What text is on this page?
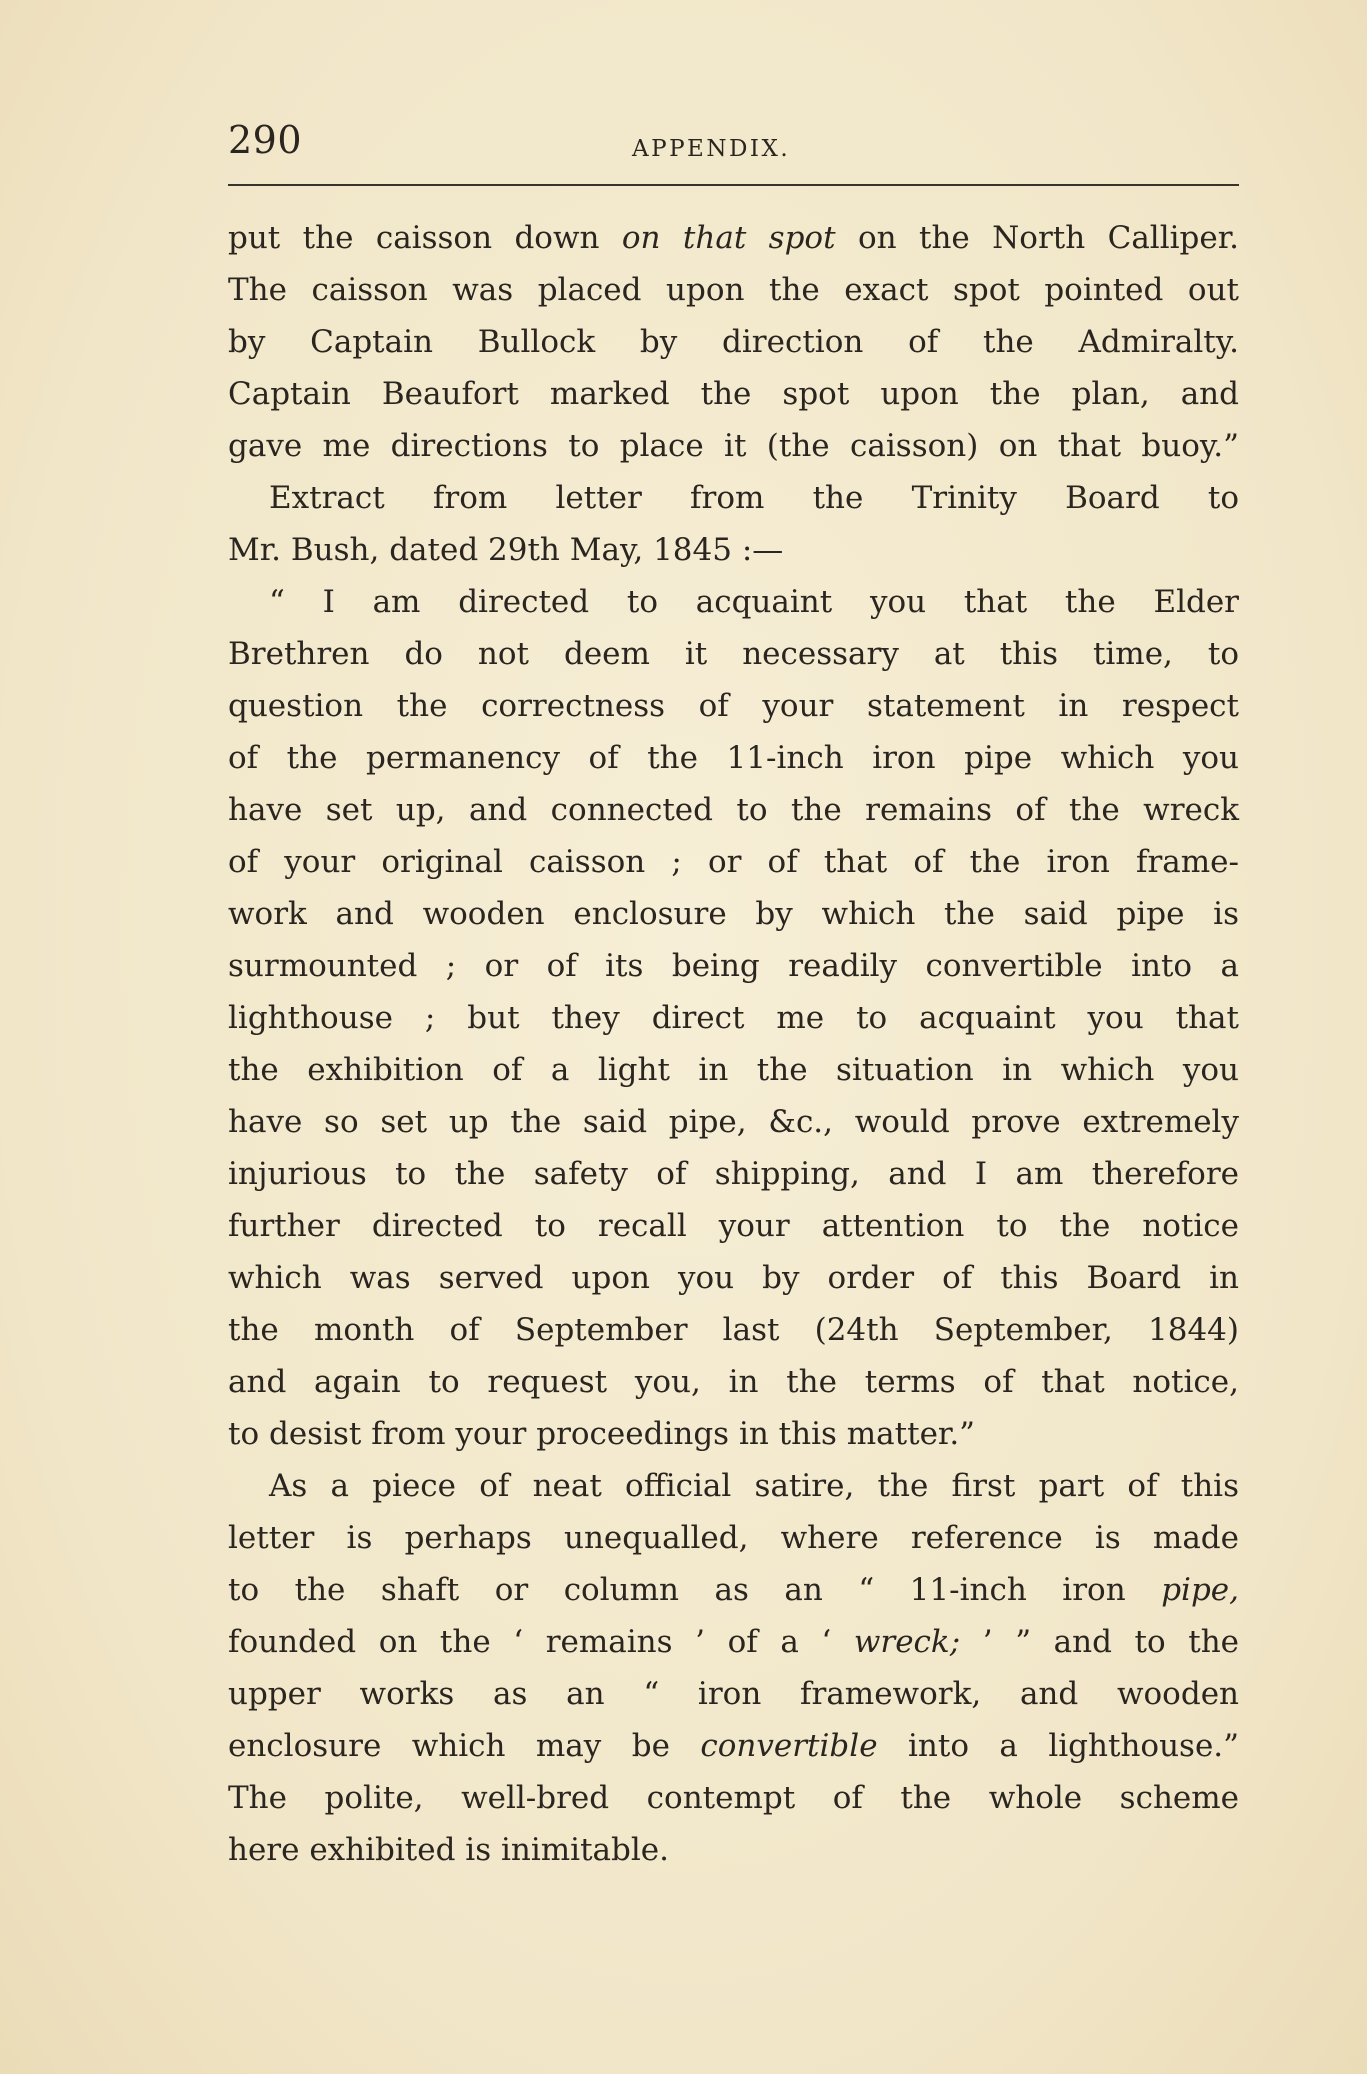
290	APPENDIX.
put the caisson down on that spot on the North Calliper.
The caisson was placed upon the exact spot pointed out
by Captain Bullock by direction of the Admiralty.
Captain Beaufort marked the spot upon the plan, and
gave me directions to place it (the caisson) on that buoy.”
Extract from letter from the Trinity Board to
Mr. Bush, dated 29th May, 1845 :—
“ I am directed to acquaint you that the Elder
Brethren do not deem it necessary at this time, to
question the correctness of your statement in respect
of the permanency of the 11-inch iron pipe which you
have set up, and connected to the remains of the wreck
of your original caisson ; or of that of the iron frame-
work and wooden enclosure by which the said pipe is
surmounted ; or of its being readily convertible into a
lighthouse ; but they direct me to acquaint you that
the exhibition of a light in the situation in which you
have so set up the said pipe, &c., would prove extremely
injurious to the safety of shipping, and I am therefore
further directed to recall your attention to the notice
which was served upon you by order of this Board in
the month of September last (24th September, 1844)
and again to request you, in the terms of that notice,
to desist from your proceedings in this matter.”
As a piece of neat official satire, the first part of this
letter is perhaps unequalled, where reference is made
to the shaft or column as an “ 11-inch iron pipe,
founded on the ‘ remains ’ of a ‘ wreck; ’ ” and to the
upper works as an “ iron framework, and wooden
enclosure which may be convertible into a lighthouse.”
The polite, well-bred contempt of the whole scheme
here exhibited is inimitable.
